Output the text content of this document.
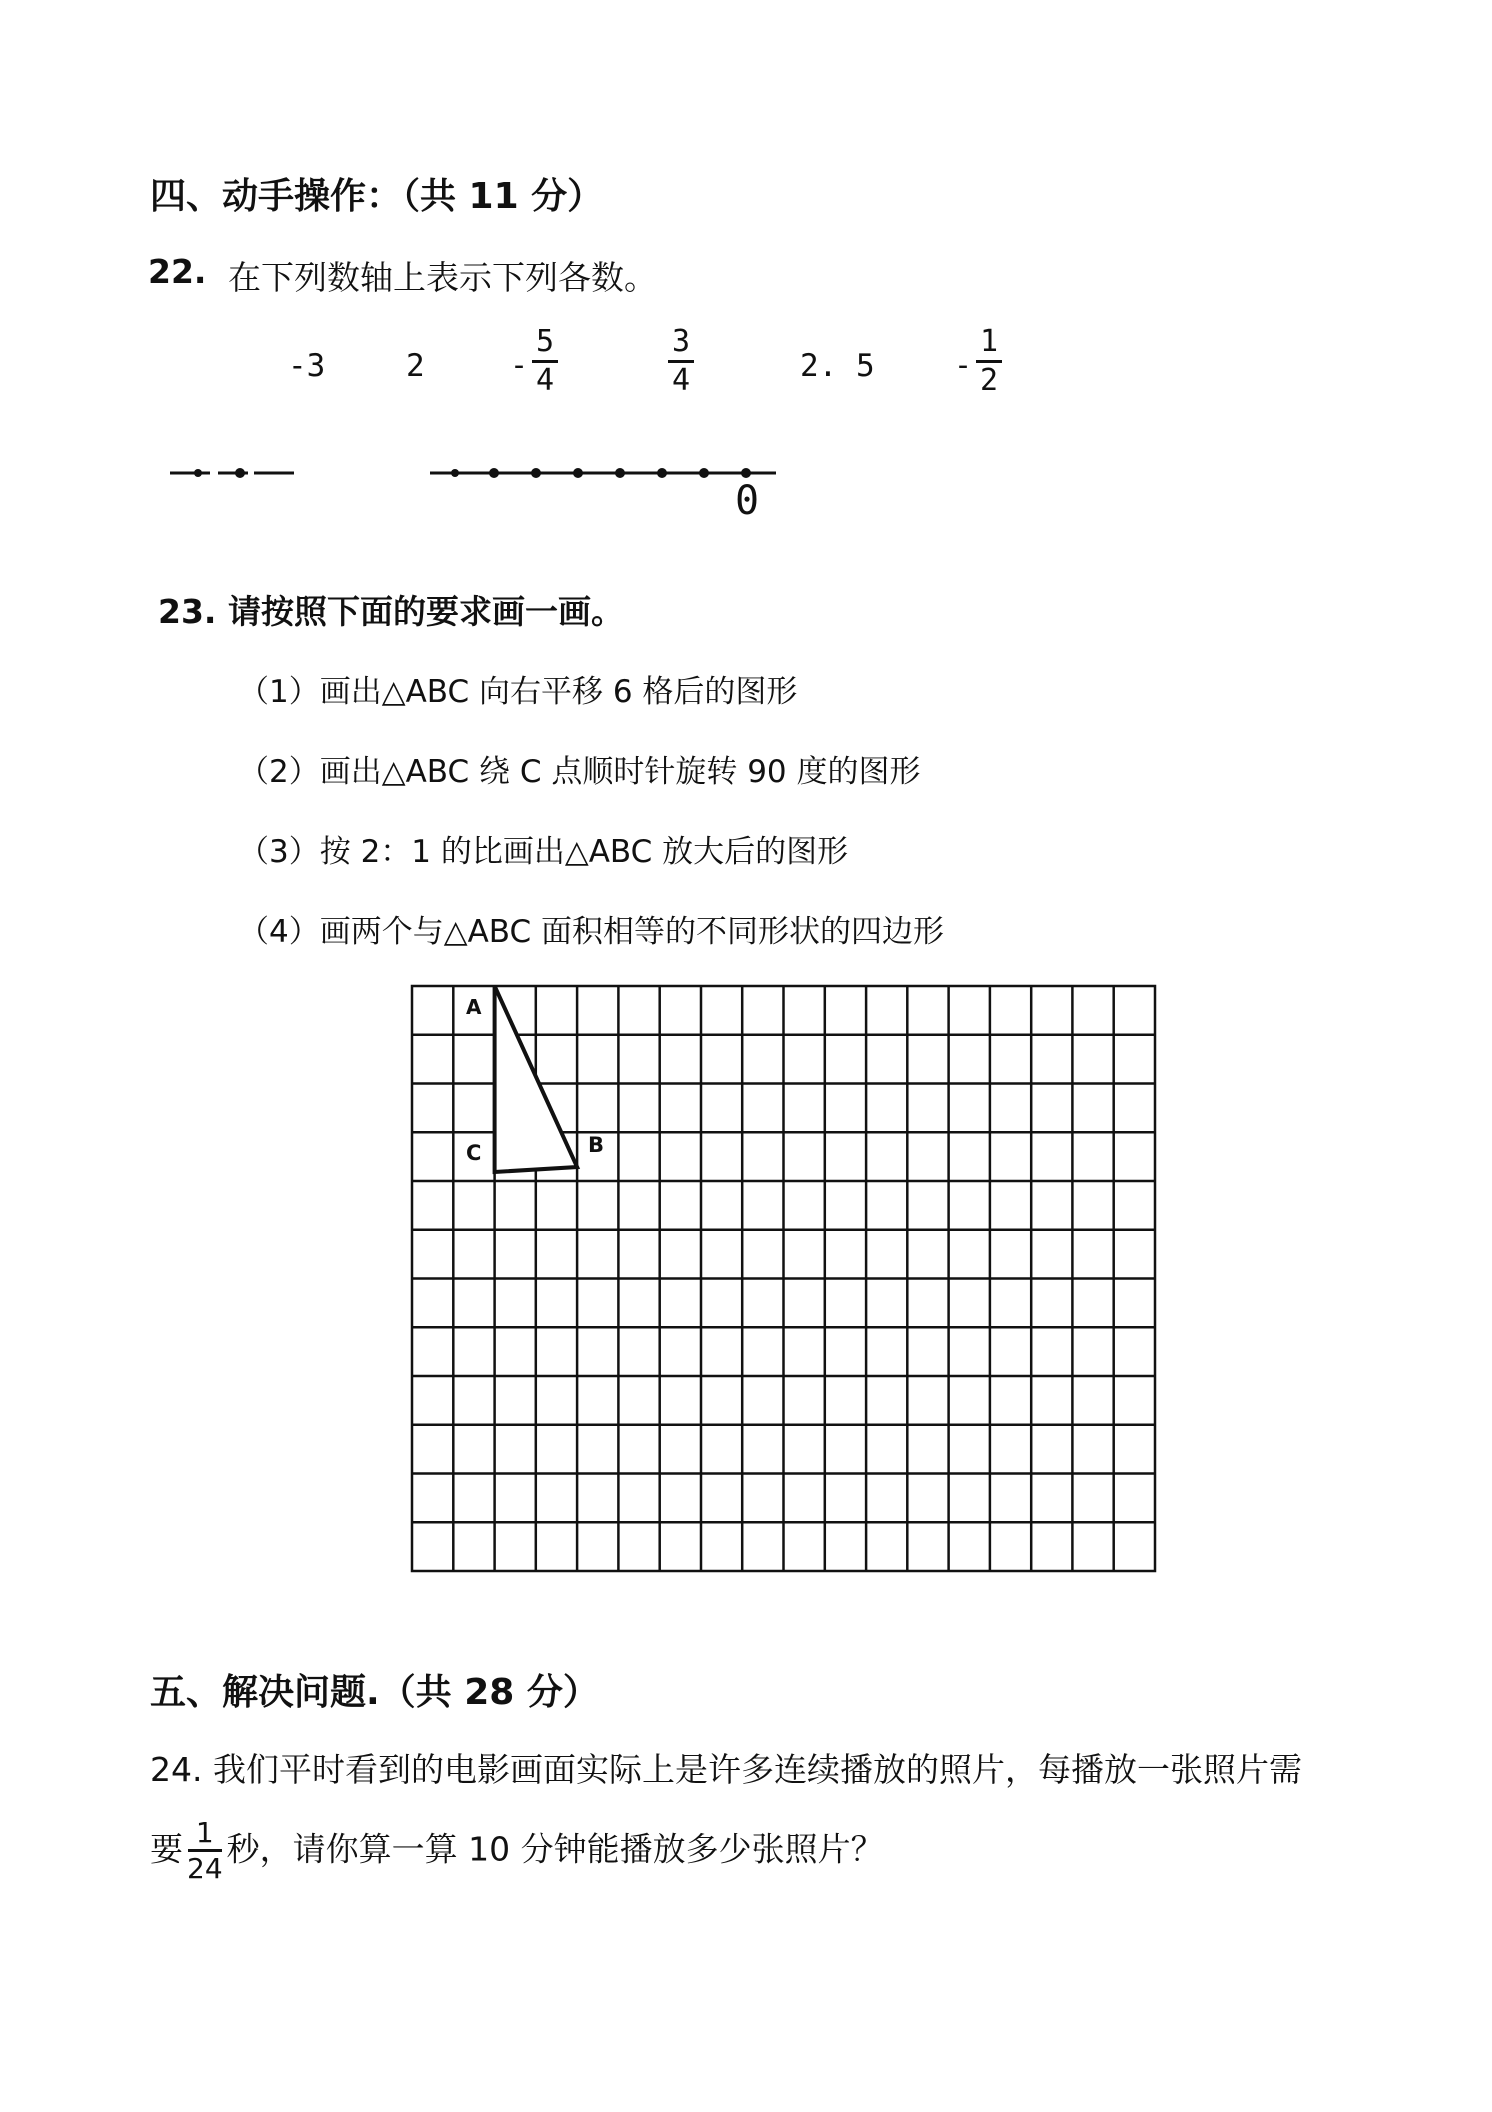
四、动手操作：（共 11 分）
22. 在下列数轴上表示下列各数。
-3	2	-
5
4
3
4	2. 5	-
1
2
0
23. 请按照下面的要求画一画。
（1）画出△ABC 向右平移 6 格后的图形
（2）画出△ABC 绕 C 点顺时针旋转 90 度的图形
（3）按 2：1 的比画出△ABC 放大后的图形
（4）画两个与△ABC 面积相等的不同形状的四边形
A
C	B
五、解决问题.（共 28 分）
24. 我们平时看到的电影画面实际上是许多连续播放的照片，每播放一张照片需
要 $\frac{1}{24}$ 秒，请你算一算 10 分钟能播放多少张照片？
